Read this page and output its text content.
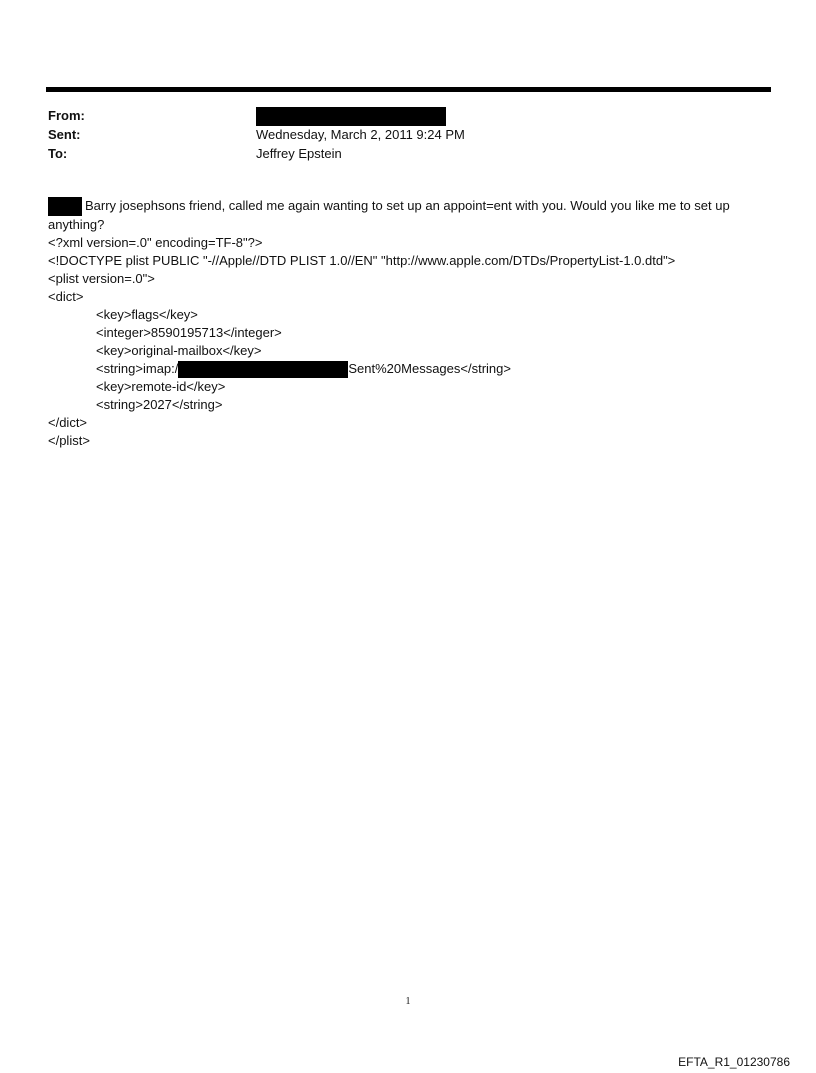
From:
Sent:	Wednesday, March 2, 2011 9:24 PM
To:	Jeffrey Epstein
Barry josephsons friend, called me again wanting to set up an appoint=ent with you. Would you like me to set up anything?
<?xml version=.0" encoding=TF-8"?>
<!DOCTYPE plist PUBLIC "-//Apple//DTD PLIST 1.0//EN" "http://www.apple.com/DTDs/PropertyList-1.0.dtd">
<plist version=.0">
<dict>
<key>flags</key>
<integer>8590195713</integer>
<key>original-mailbox</key>
<string>imap:/	Sent%20Messages</string>
<key>remote-id</key>
<string>2027</string>
</dict>
</plist>
1
EFTA_R1_01230786
